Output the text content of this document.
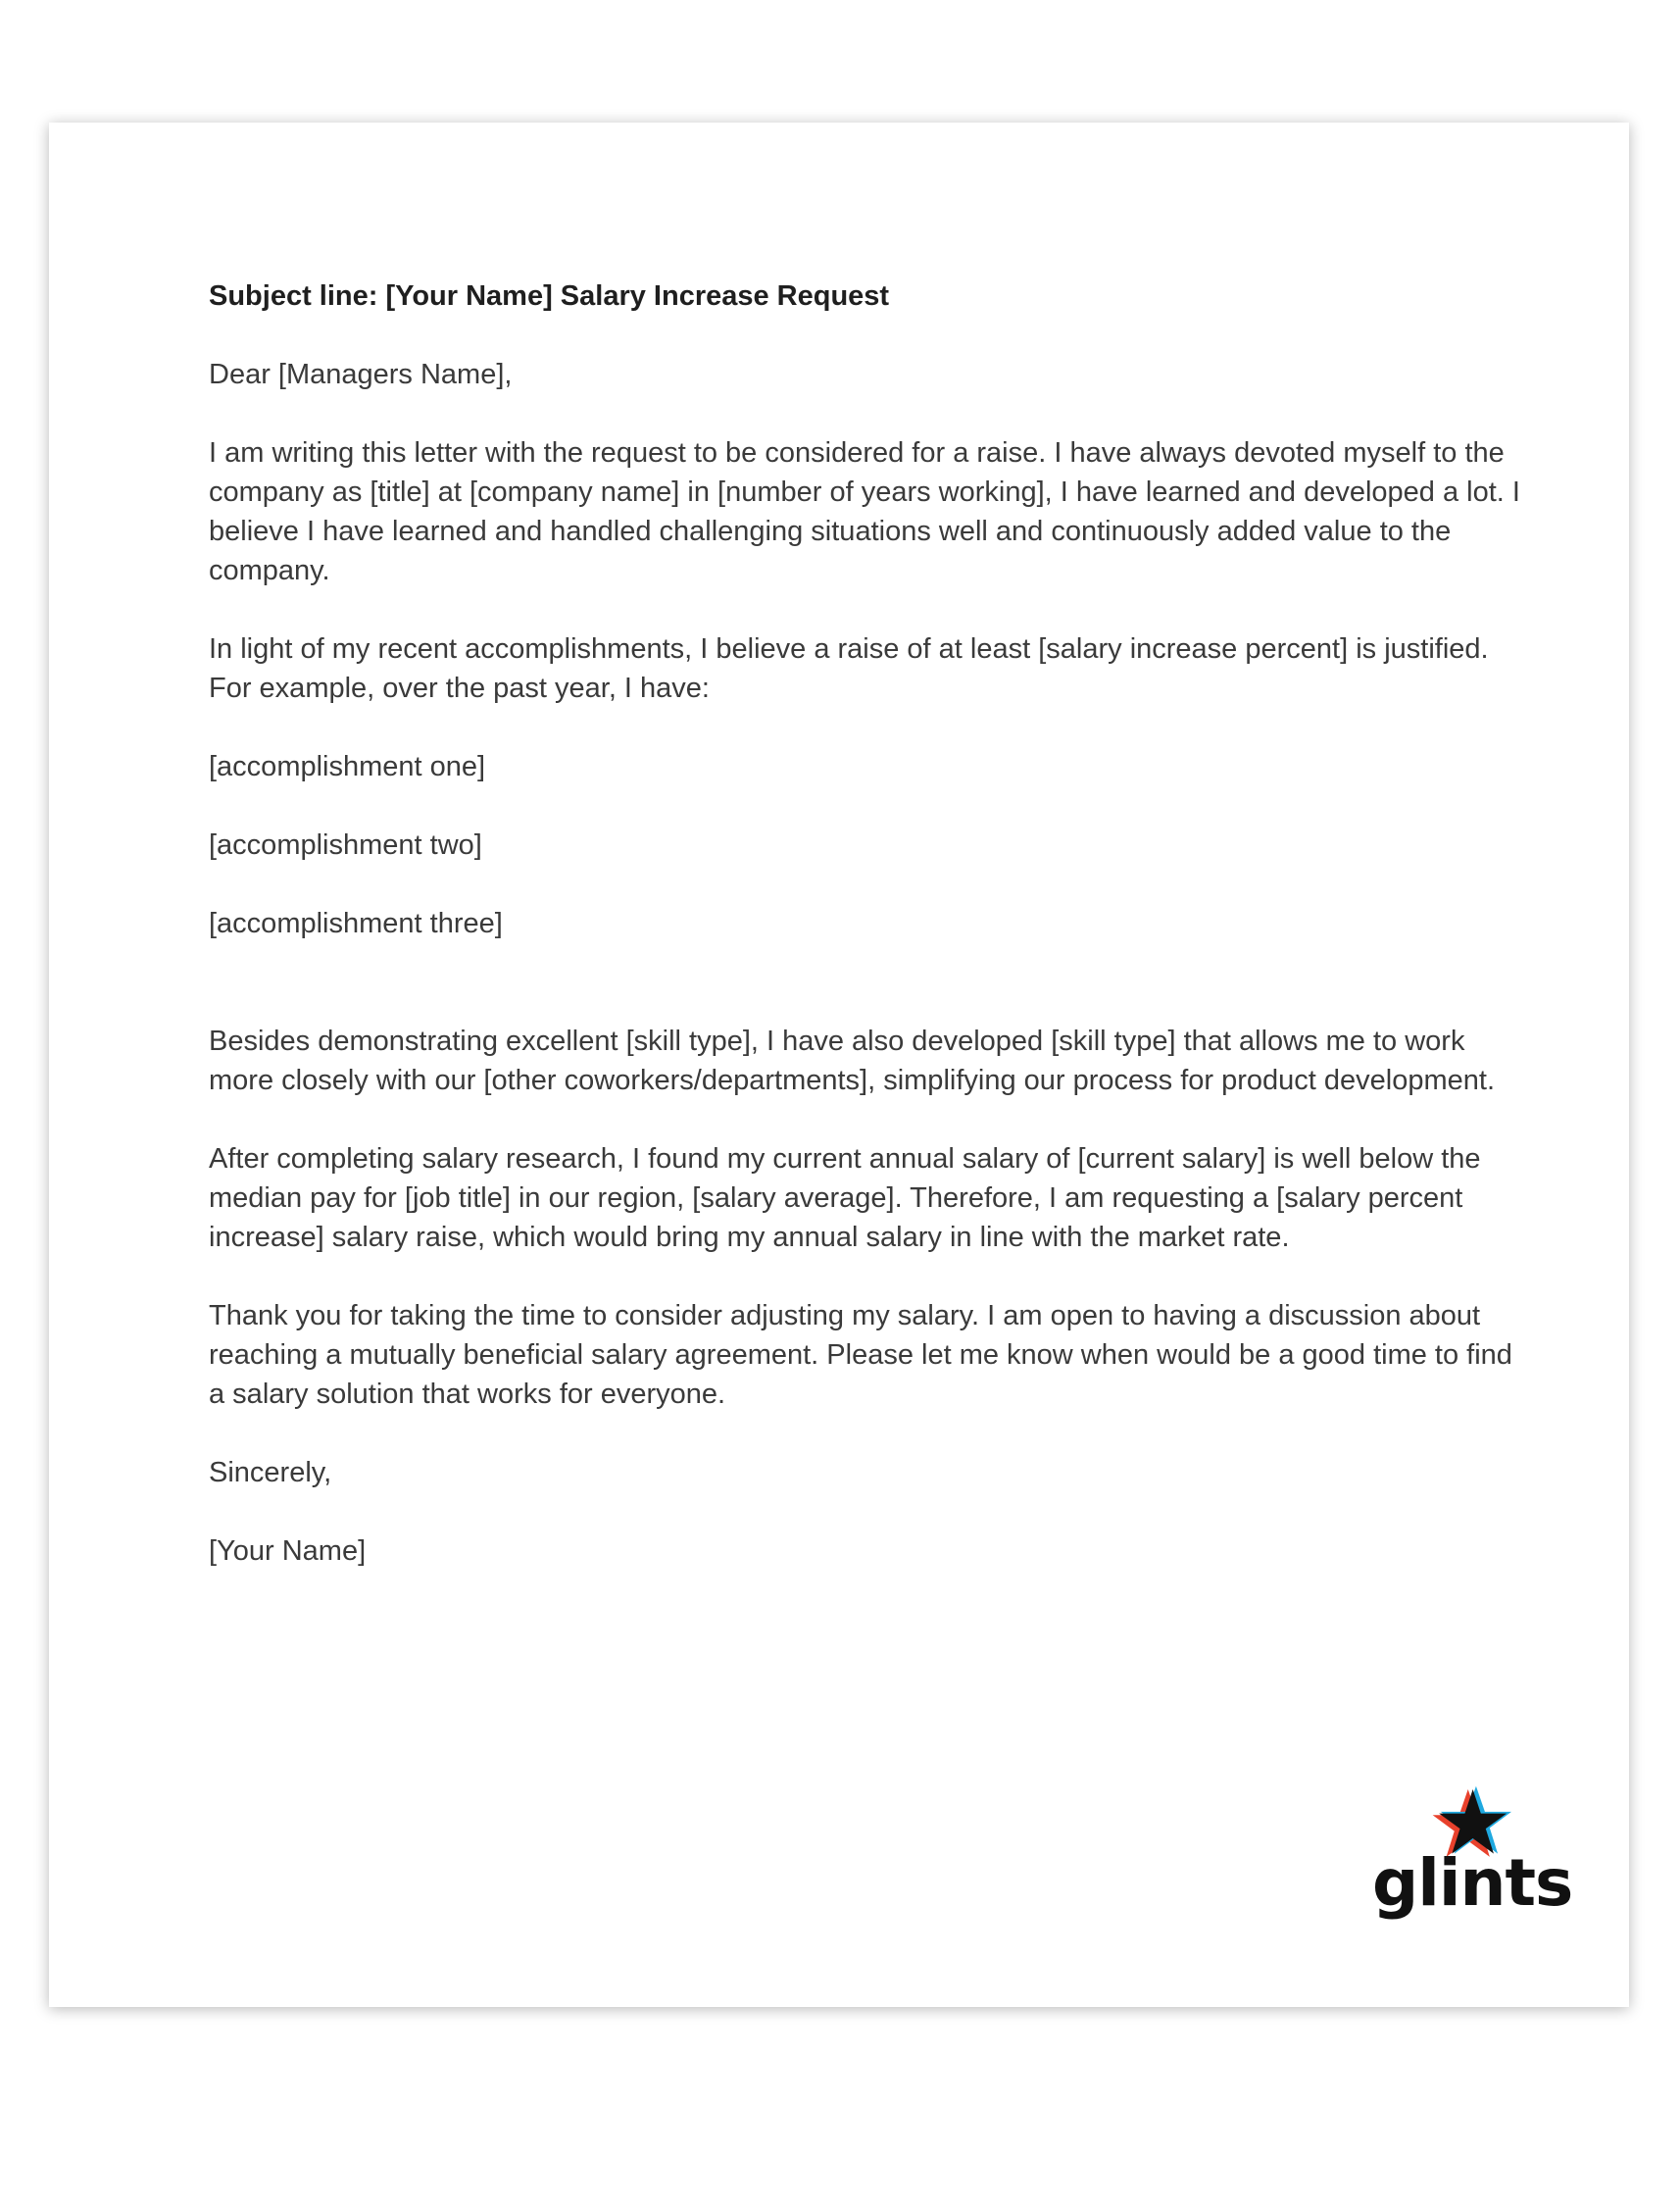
Subject line: [Your Name] Salary Increase Request

Dear [Managers Name],

I am writing this letter with the request to be considered for a raise. I have always devoted myself to the company as [title] at [company name] in [number of years working], I have learned and developed a lot. I believe I have learned and handled challenging situations well and continuously added value to the company.

In light of my recent accomplishments, I believe a raise of at least [salary increase percent] is justified. For example, over the past year, I have:

[accomplishment one]

[accomplishment two]

[accomplishment three]

Besides demonstrating excellent [skill type], I have also developed [skill type] that allows me to work more closely with our [other coworkers/departments], simplifying our process for product development.

After completing salary research, I found my current annual salary of [current salary] is well below the median pay for [job title] in our region, [salary average]. Therefore, I am requesting a [salary percent increase] salary raise, which would bring my annual salary in line with the market rate.

Thank you for taking the time to consider adjusting my salary. I am open to having a discussion about reaching a mutually beneficial salary agreement. Please let me know when would be a good time to find a salary solution that works for everyone.

Sincerely,

[Your Name]

glints
